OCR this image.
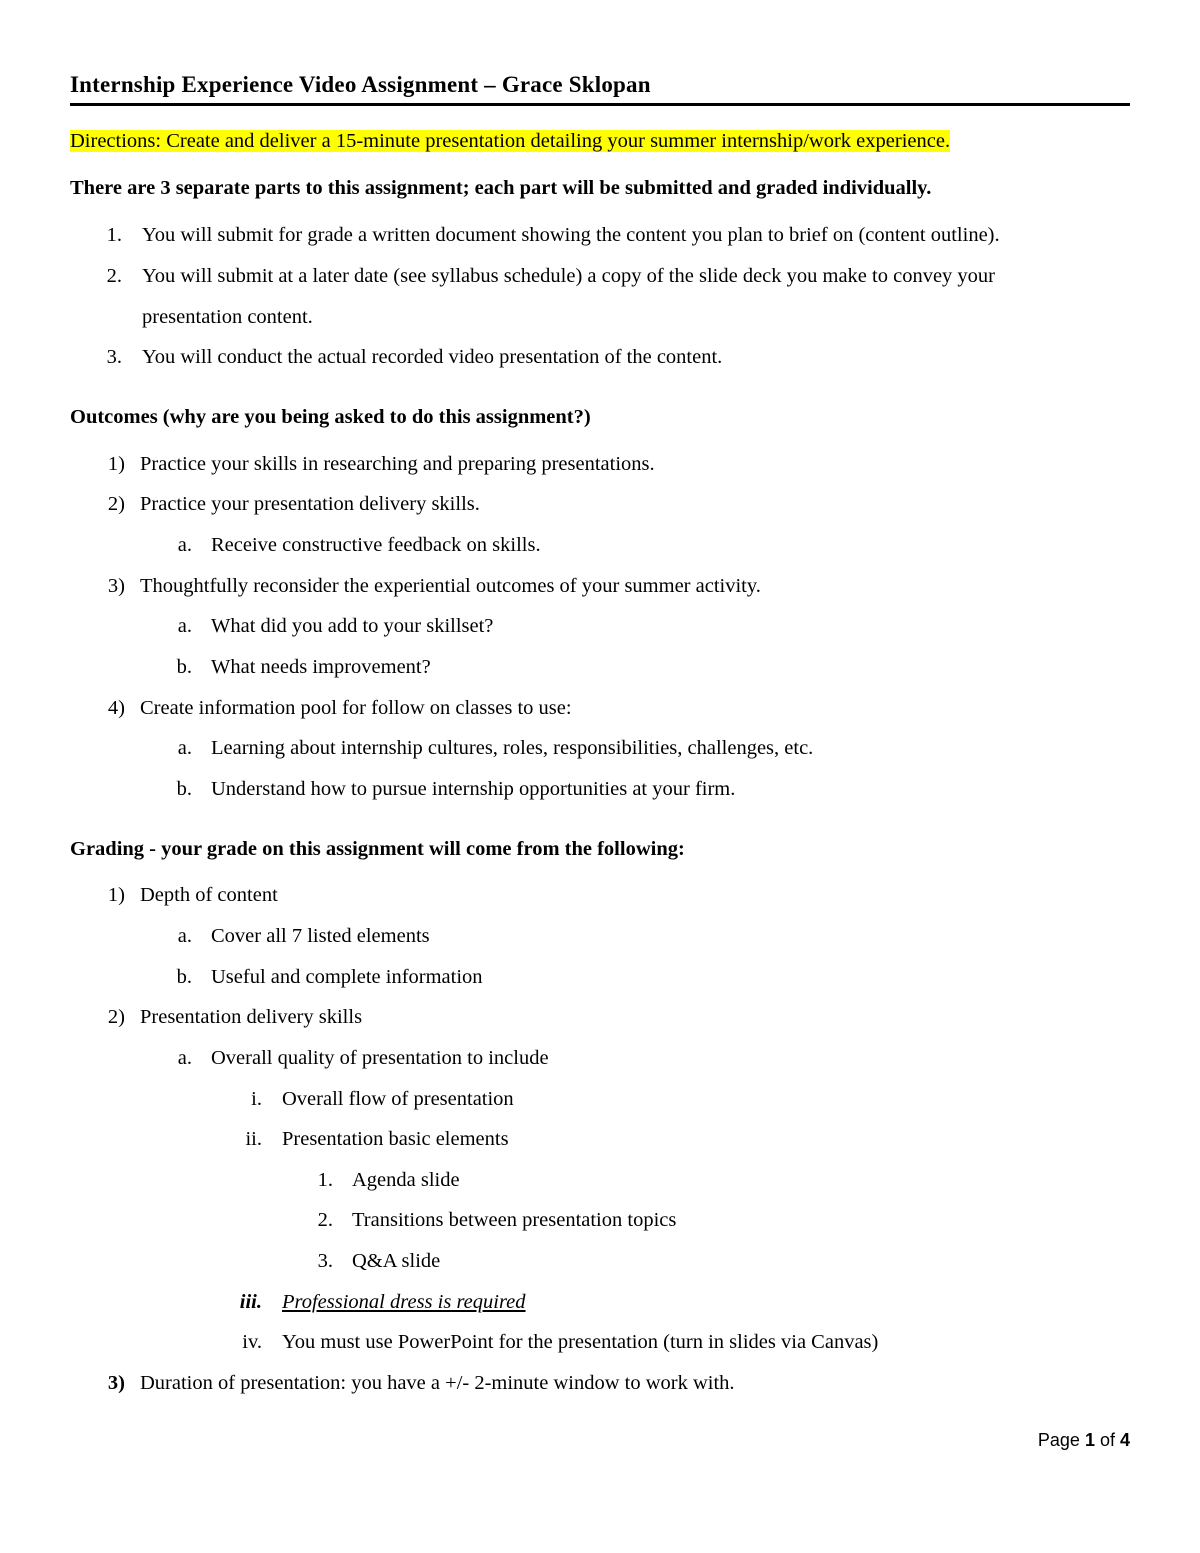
Internship Experience Video Assignment – Grace Sklopan
Directions: Create and deliver a 15-minute presentation detailing your summer internship/work experience.
There are 3 separate parts to this assignment; each part will be submitted and graded individually.
1. You will submit for grade a written document showing the content you plan to brief on (content outline).
2. You will submit at a later date (see syllabus schedule) a copy of the slide deck you make to convey your
presentation content.
3. You will conduct the actual recorded video presentation of the content.
Outcomes (why are you being asked to do this assignment?)
1) Practice your skills in researching and preparing presentations.
2) Practice your presentation delivery skills.
a. Receive constructive feedback on skills.
3) Thoughtfully reconsider the experiential outcomes of your summer activity.
a. What did you add to your skillset?
b. What needs improvement?
4) Create information pool for follow on classes to use:
a. Learning about internship cultures, roles, responsibilities, challenges, etc.
b. Understand how to pursue internship opportunities at your firm.
Grading - your grade on this assignment will come from the following:
1) Depth of content
a. Cover all 7 listed elements
b. Useful and complete information
2) Presentation delivery skills
a. Overall quality of presentation to include
i. Overall flow of presentation
ii. Presentation basic elements
1. Agenda slide
2. Transitions between presentation topics
3. Q&A slide
iii. Professional dress is required
iv. You must use PowerPoint for the presentation (turn in slides via Canvas)
3) Duration of presentation: you have a +/- 2-minute window to work with.
Page 1 of 4
